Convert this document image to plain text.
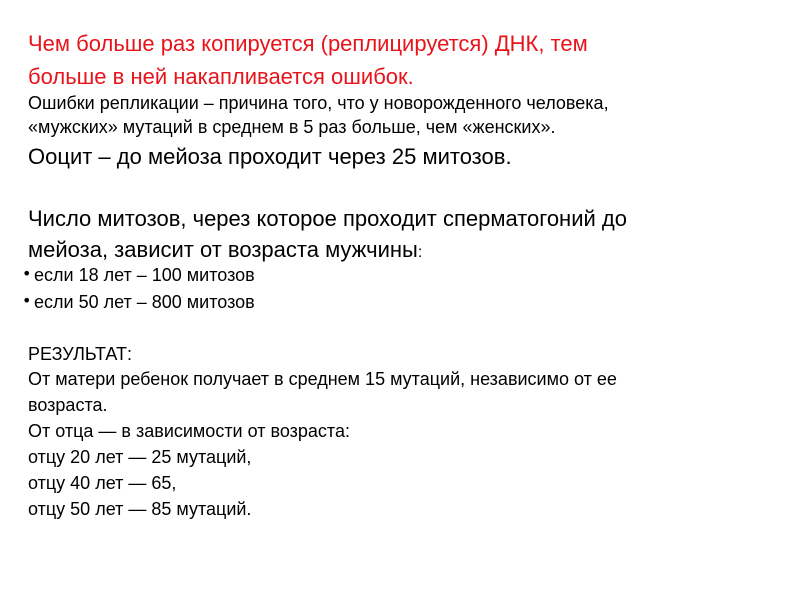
Чем больше раз копируется (реплицируется) ДНК, тем
больше в ней накапливается ошибок.
Ошибки репликации – причина того, что у новорожденного человека,
«мужских» мутаций в среднем в 5 раз больше, чем «женских».
Ооцит – до мейоза проходит через 25 митозов.
Число митозов, через которое проходит сперматогоний до
мейоза, зависит от возраста мужчины:
• если 18 лет – 100 митозов
• если 50 лет – 800 митозов
РЕЗУЛЬТАТ:
От матери ребенок получает в среднем 15 мутаций, независимо от ее
возраста.
От отца — в зависимости от возраста:
отцу 20 лет — 25 мутаций,
отцу 40 лет — 65,
отцу 50 лет — 85 мутаций.
